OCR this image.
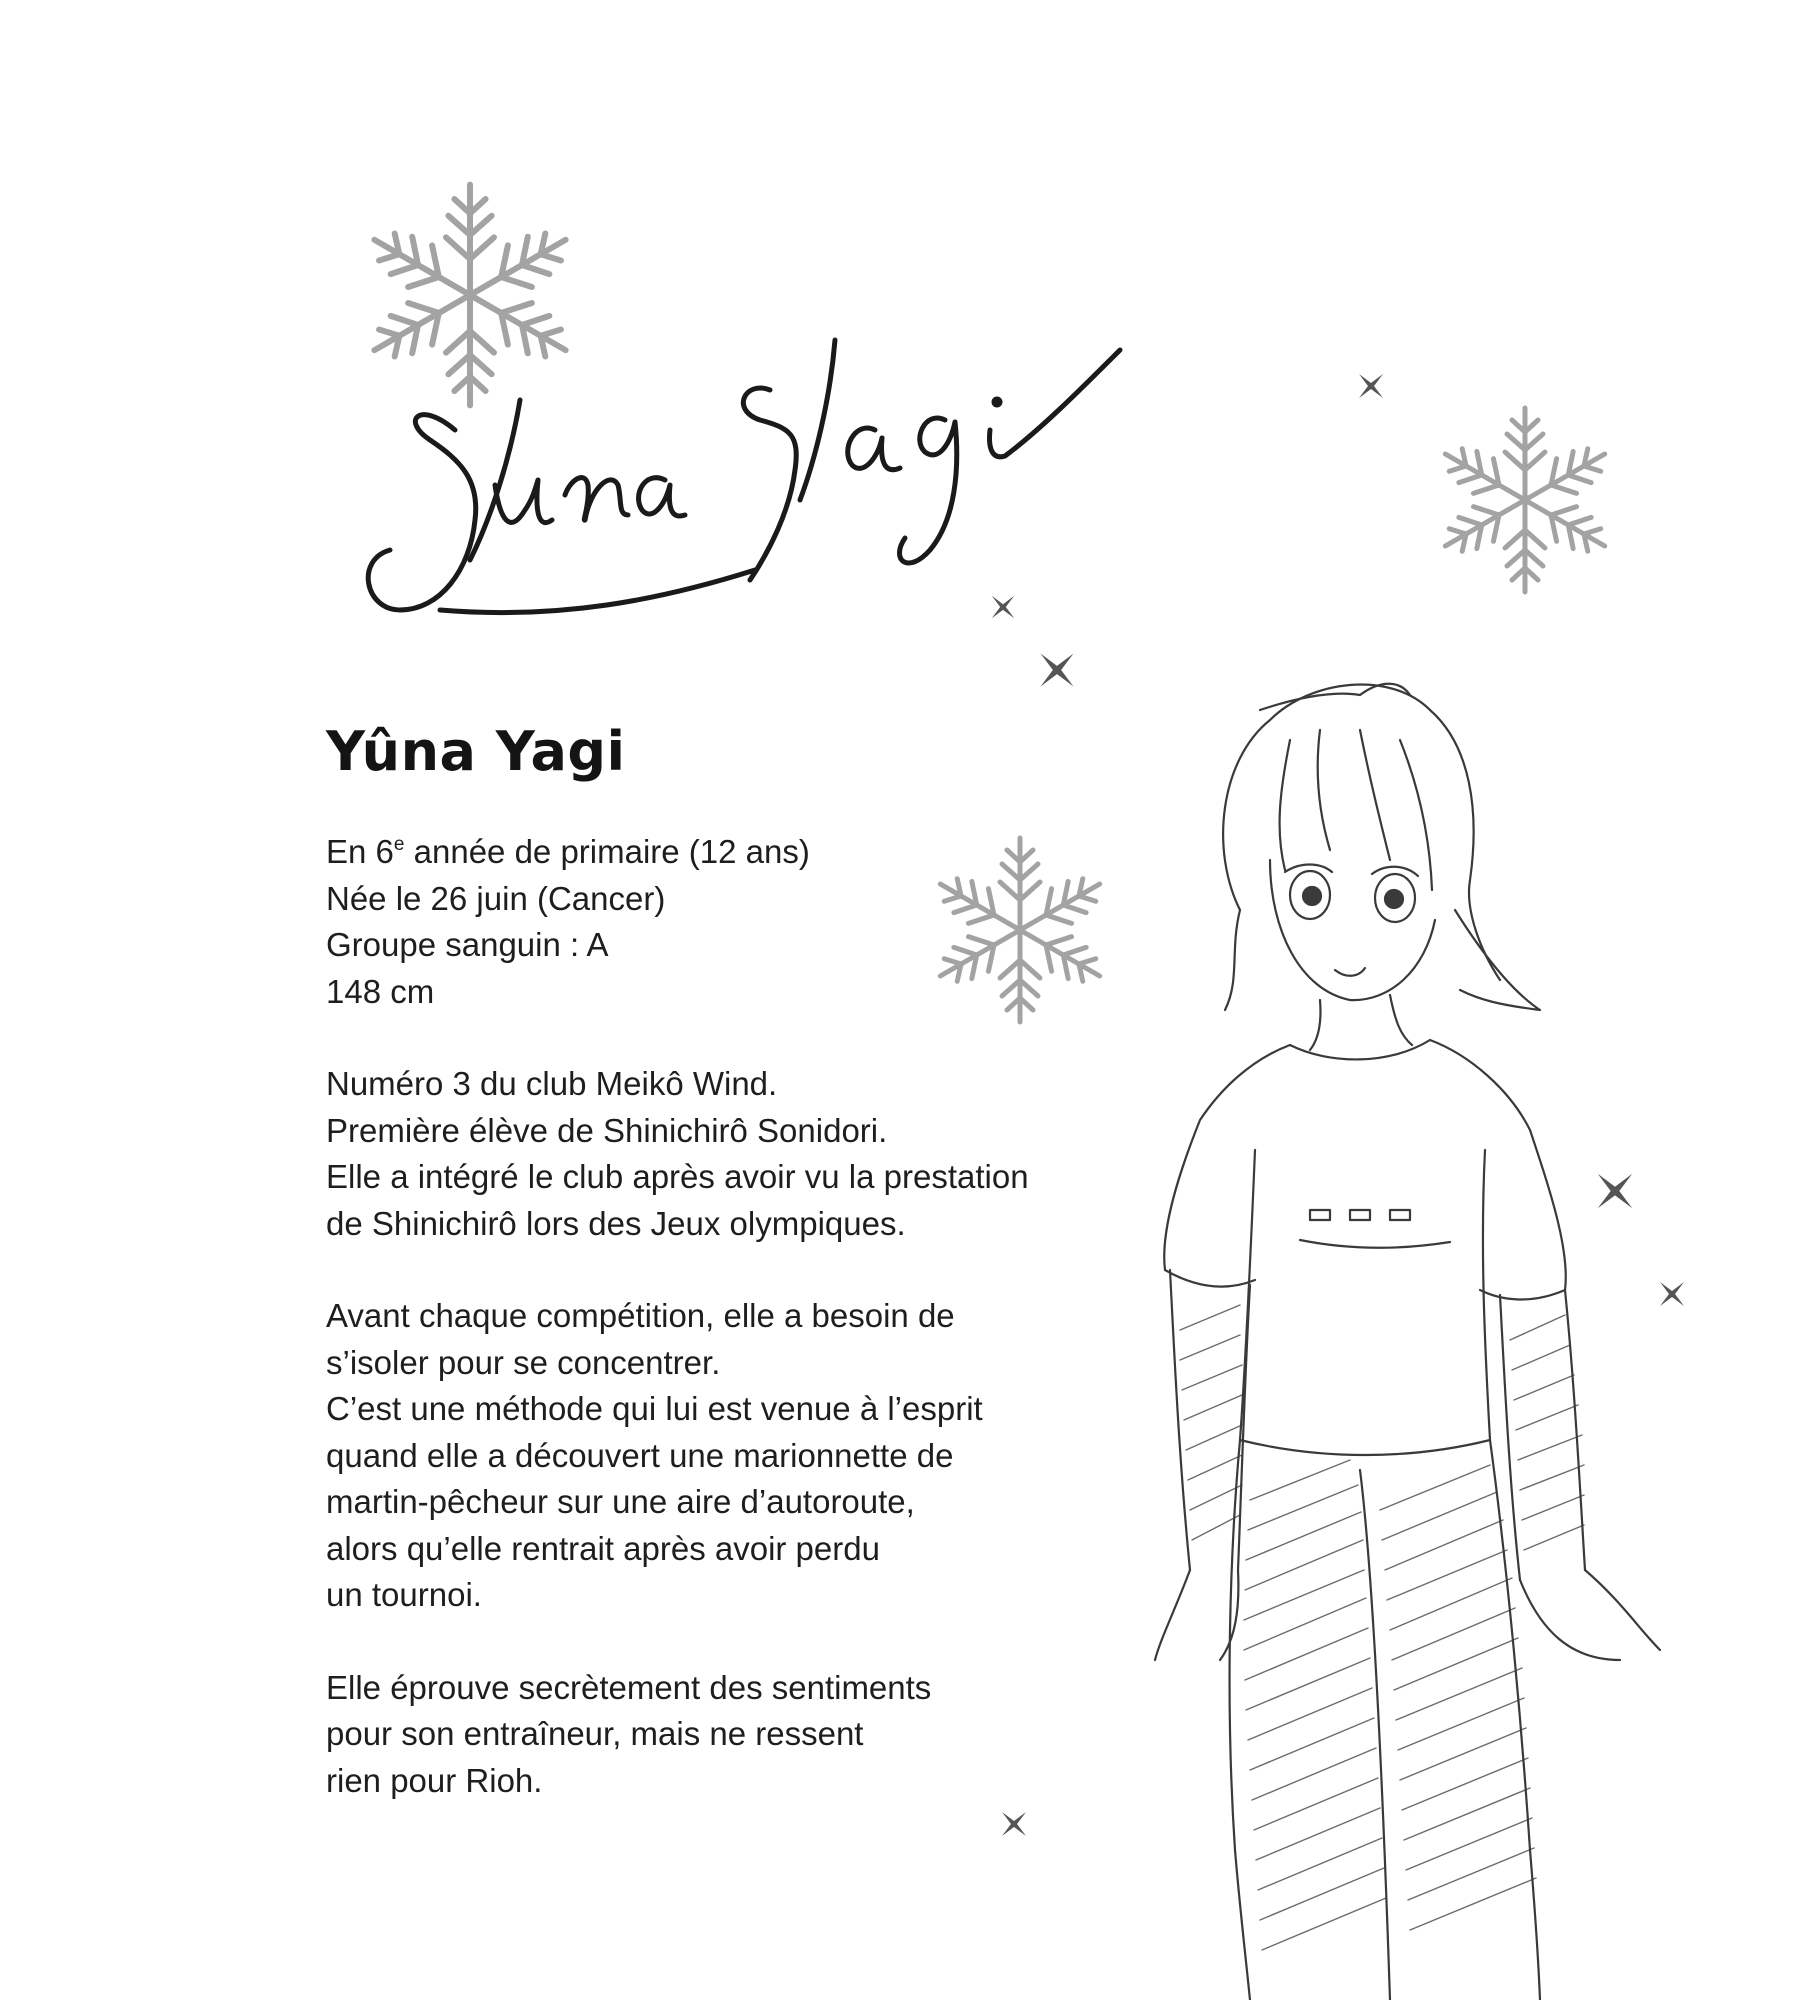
Yûna Yagi
En 6e année de primaire (12 ans)
Née le 26 juin (Cancer)
Groupe sanguin : A
148 cm
Numéro 3 du club Meikô Wind.
Première élève de Shinichirô Sonidori.
Elle a intégré le club après avoir vu la prestation
de Shinichirô lors des Jeux olympiques.
Avant chaque compétition, elle a besoin de
s’isoler pour se concentrer.
C’est une méthode qui lui est venue à l’esprit
quand elle a découvert une marionnette de
martin-pêcheur sur une aire d’autoroute,
alors qu’elle rentrait après avoir perdu
un tournoi.
Elle éprouve secrètement des sentiments
pour son entraîneur, mais ne ressent
rien pour Rioh.
